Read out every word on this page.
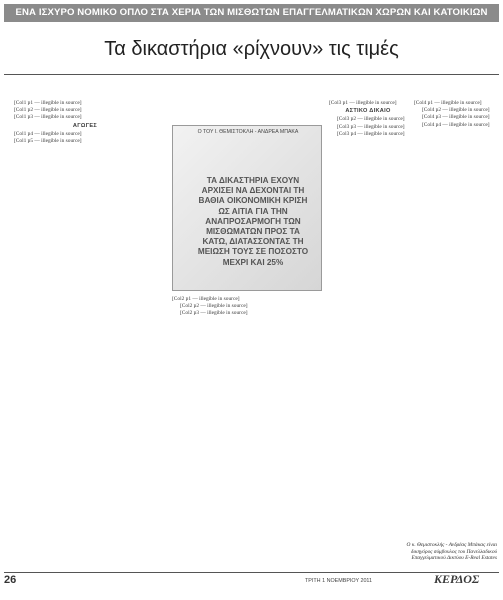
ΕΝΑ ΙΣΧΥΡΟ ΝΟΜΙΚΟ ΟΠΛΟ ΣΤΑ ΧΕΡΙΑ ΤΩΝ ΜΙΣΘΩΤΩΝ ΕΠΑΓΓΕΛΜΑΤΙΚΩΝ ΧΩΡΩΝ ΚΑΙ ΚΑΤΟΙΚΙΩΝ
Τα δικαστήρια «ρίχνουν» τις τιμές

[Col1 p1 — illegible in source]

[Col1 p2 — illegible in source]

[Col1 p3 — illegible in source]

ΑΓΩΓΕΣ

[Col1 p4 — illegible in source]

[Col1 p5 — illegible in source]

Ο ΤΟΥ Ι. ΘΕΜΙΣΤΟΚΛΗ - ΑΝΔΡΕΑ ΜΠΑΚΑ
ΤΑ ΔΙΚΑΣΤΗΡΙΑ ΕΧΟΥΝ ΑΡΧΙΣΕΙ ΝΑ ΔΕΧΟΝΤΑΙ ΤΗ ΒΑΘΙΑ ΟΙΚΟΝΟΜΙΚΗ ΚΡΙΣΗ ΩΣ ΑΙΤΙΑ ΓΙΑ ΤΗΝ ΑΝΑΠΡΟΣΑΡΜΟΓΗ ΤΩΝ ΜΙΣΘΩΜΑΤΩΝ ΠΡΟΣ ΤΑ ΚΑΤΩ, ΔΙΑΤΑΣΣΟΝΤΑΣ ΤΗ ΜΕΙΩΣΗ ΤΟΥΣ ΣΕ ΠΟΣΟΣΤΟ ΜΕΧΡΙ ΚΑΙ 25%

[Col2 p1 — illegible in source]

[Col2 p2 — illegible in source]

[Col2 p3 — illegible in source]

[Col3 p1 — illegible in source]

ΑΣΤΙΚΟ ΔΙΚΑΙΟ

[Col3 p2 — illegible in source]

[Col3 p3 — illegible in source]

[Col3 p4 — illegible in source]

[Col4 p1 — illegible in source]

[Col4 p2 — illegible in source]

[Col4 p3 — illegible in source]

[Col4 p4 — illegible in source]

Ο κ. Θεμιστοκλής - Ανδρέας Μπάκας είναι δικηγόρος σύμβουλος του Πανελλαδικού Επαγγελματικού Δικτύου E-Real Estates
26	ΤΡΙΤΗ 1 ΝΟΕΜΒΡΙΟΥ 2011	ΚΕΡΔΟΣ
